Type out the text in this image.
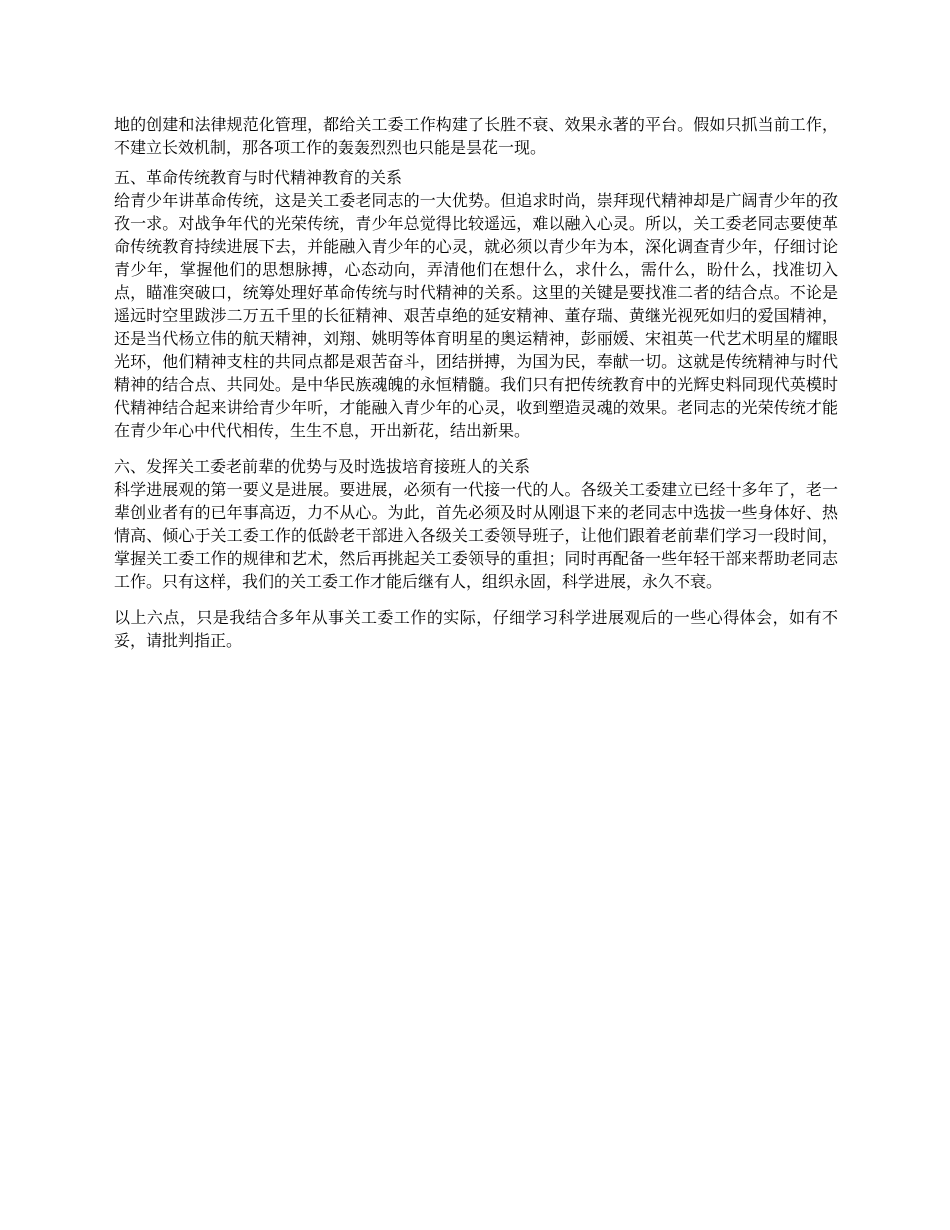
地的创建和法律规范化管理，都给关工委工作构建了长胜不衰、效果永著的平台。假如只抓当前工作，不建立长效机制，那各项工作的轰轰烈烈也只能是昙花一现。

五、革命传统教育与时代精神教育的关系

给青少年讲革命传统，这是关工委老同志的一大优势。但追求时尚，崇拜现代精神却是广阔青少年的孜孜一求。对战争年代的光荣传统，青少年总觉得比较遥远，难以融入心灵。所以，关工委老同志要使革命传统教育持续进展下去，并能融入青少年的心灵，就必须以青少年为本，深化调查青少年，仔细讨论青少年，掌握他们的思想脉搏，心态动向，弄清他们在想什么，求什么，需什么，盼什么，找准切入点，瞄准突破口，统筹处理好革命传统与时代精神的关系。这里的关键是要找准二者的结合点。不论是遥远时空里跋涉二万五千里的长征精神、艰苦卓绝的延安精神、董存瑞、黄继光视死如归的爱国精神，还是当代杨立伟的航天精神，刘翔、姚明等体育明星的奥运精神，彭丽媛、宋祖英一代艺术明星的耀眼光环，他们精神支柱的共同点都是艰苦奋斗，团结拼搏，为国为民，奉献一切。这就是传统精神与时代精神的结合点、共同处。是中华民族魂魄的永恒精髓。我们只有把传统教育中的光辉史料同现代英模时代精神结合起来讲给青少年听，才能融入青少年的心灵，收到塑造灵魂的效果。老同志的光荣传统才能在青少年心中代代相传，生生不息，开出新花，结出新果。

六、发挥关工委老前辈的优势与及时选拔培育接班人的关系

科学进展观的第一要义是进展。要进展，必须有一代接一代的人。各级关工委建立已经十多年了，老一辈创业者有的已年事高迈，力不从心。为此，首先必须及时从刚退下来的老同志中选拔一些身体好、热情高、倾心于关工委工作的低龄老干部进入各级关工委领导班子，让他们跟着老前辈们学习一段时间，掌握关工委工作的规律和艺术，然后再挑起关工委领导的重担；同时再配备一些年轻干部来帮助老同志工作。只有这样，我们的关工委工作才能后继有人，组织永固，科学进展，永久不衰。

以上六点，只是我结合多年从事关工委工作的实际，仔细学习科学进展观后的一些心得体会，如有不妥，请批判指正。
